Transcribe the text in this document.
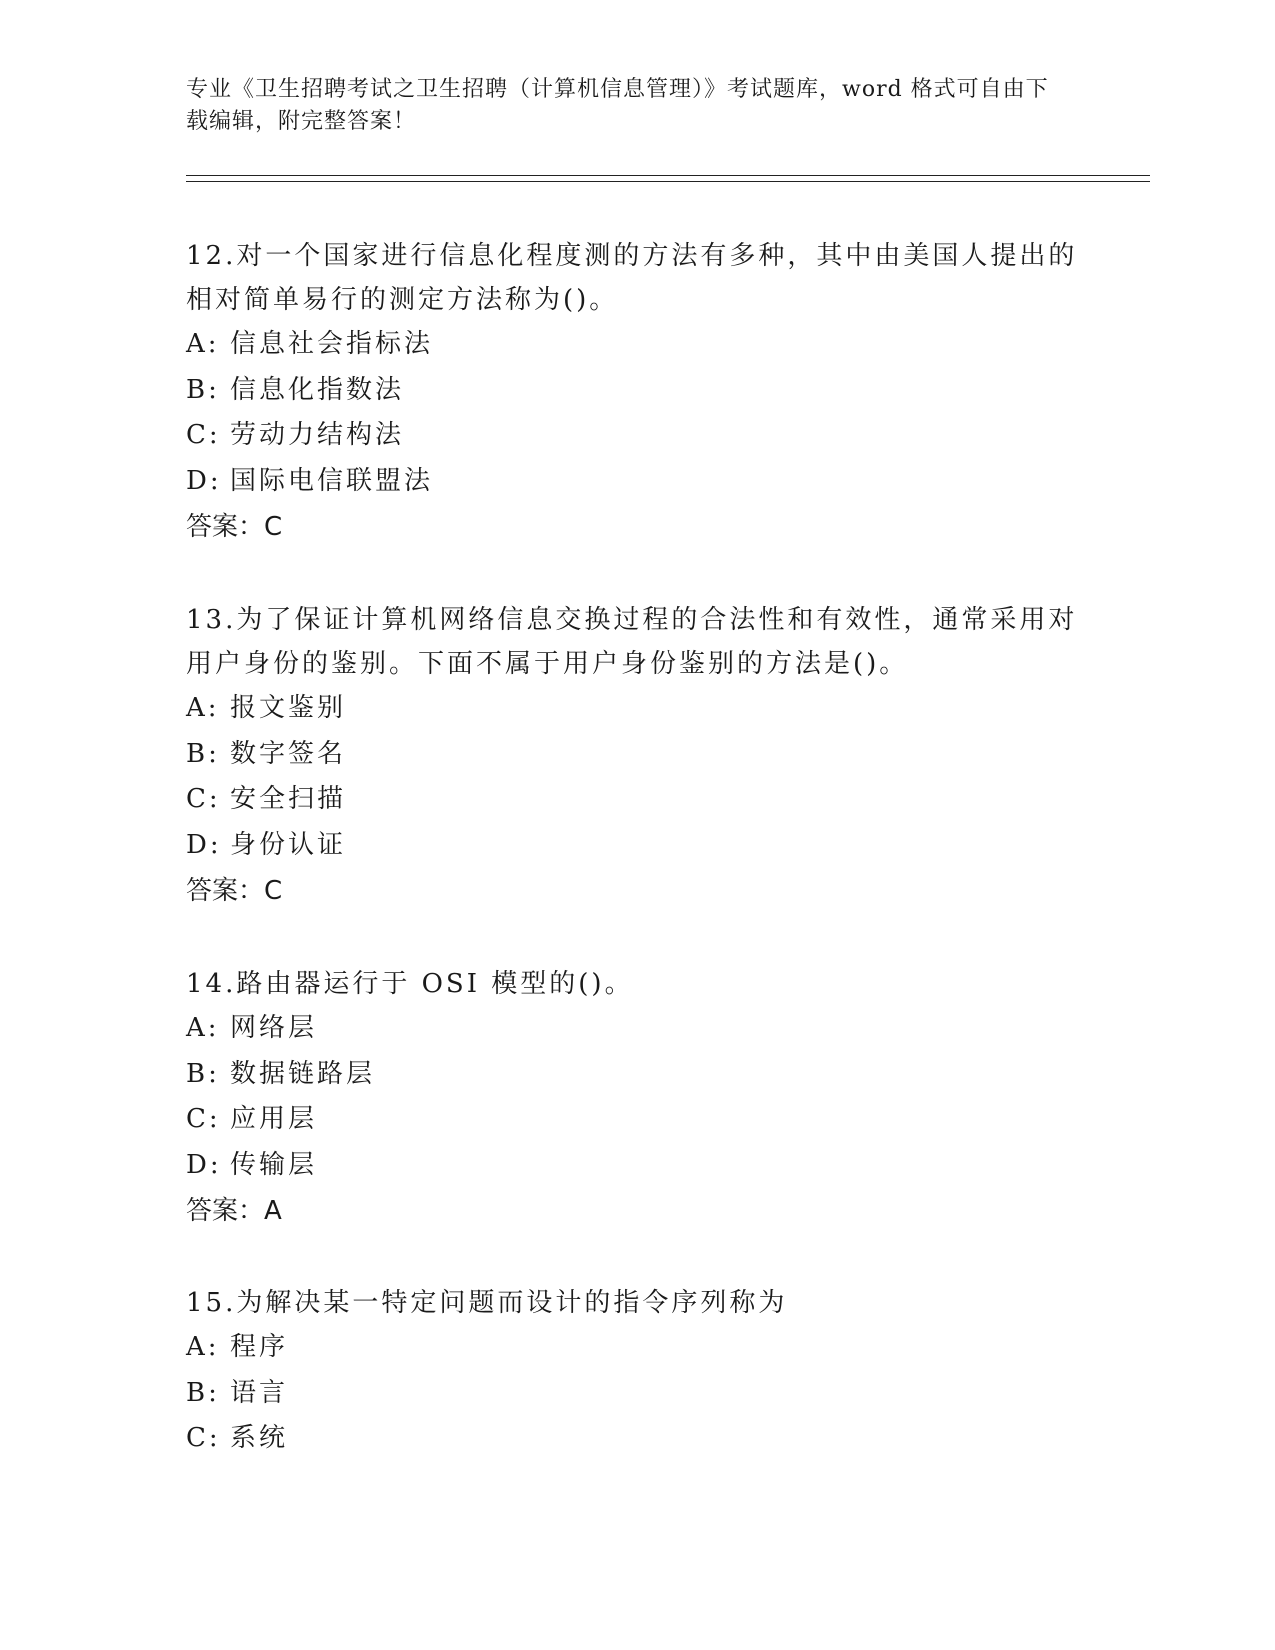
专业《卫生招聘考试之卫生招聘（计算机信息管理）》考试题库，word 格式可自由下载编辑，附完整答案！

12.对一个国家进行信息化程度测的方法有多种，其中由美国人提出的相对简单易行的测定方法称为()。

A: 信息社会指标法

B: 信息化指数法

C: 劳动力结构法

D: 国际电信联盟法

答案：C

13.为了保证计算机网络信息交换过程的合法性和有效性，通常采用对用户身份的鉴别。下面不属于用户身份鉴别的方法是()。

A: 报文鉴别

B: 数字签名

C: 安全扫描

D: 身份认证

答案：C

14.路由器运行于 OSI 模型的()。

A: 网络层

B: 数据链路层

C: 应用层

D: 传输层

答案：A

15.为解决某一特定问题而设计的指令序列称为

A: 程序

B: 语言

C: 系统
